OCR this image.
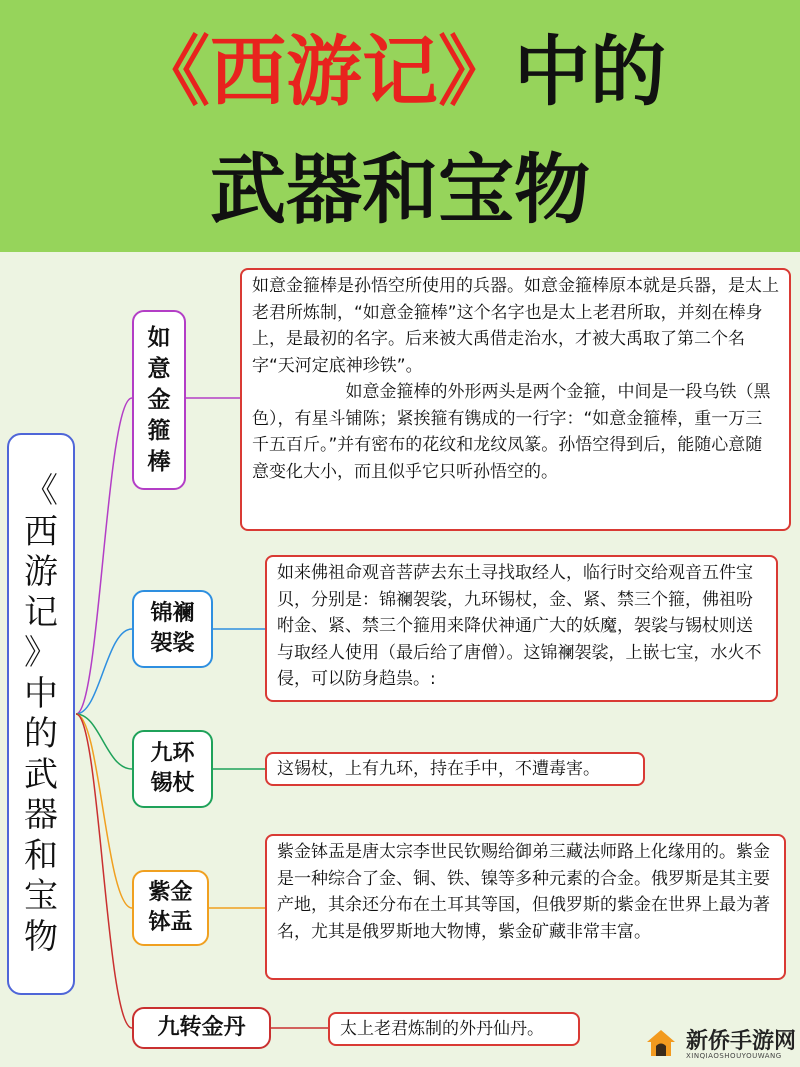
《西游记》中的
武器和宝物
《
西
游
记
》
中
的
武
器
和
宝
物
如
意
金
箍
棒

如意金箍棒是孙悟空所使用的兵器。如意金箍棒原本就是兵器，是太上老君所炼制，“如意金箍棒”这个名字也是太上老君所取，并刻在棒身上，是最初的名字。后来被大禹借走治水，才被大禹取了第二个名字“天河定底神珍铁”。

如意金箍棒的外形两头是两个金箍，中间是一段乌铁（黑色），有星斗铺陈；紧挨箍有镌成的一行字：“如意金箍棒，重一万三千五百斤。”并有密布的花纹和龙纹凤篆。孙悟空得到后，能随心意随意变化大小，而且似乎它只听孙悟空的。

锦襕
袈裟

如来佛祖命观音菩萨去东土寻找取经人，临行时交给观音五件宝贝，分别是：锦襕袈裟，九环锡杖，金、紧、禁三个箍，佛祖吩咐金、紧、禁三个箍用来降伏神通广大的妖魔，袈裟与锡杖则送与取经人使用（最后给了唐僧）。这锦襕袈裟，上嵌七宝，水火不侵，可以防身趋祟。:

九环
锡杖

这锡杖，上有九环，持在手中，不遭毒害。

紫金
钵盂

紫金钵盂是唐太宗李世民钦赐给御弟三藏法师路上化缘用的。紫金是一种综合了金、铜、铁、镍等多种元素的合金。俄罗斯是其主要产地，其余还分布在土耳其等国，但俄罗斯的紫金在世界上最为著名，尤其是俄罗斯地大物博，紫金矿藏非常丰富。

九转金丹	太上老君炼制的外丹仙丹。	新侨手游网
XINQIAOSHOUYOUWANG
